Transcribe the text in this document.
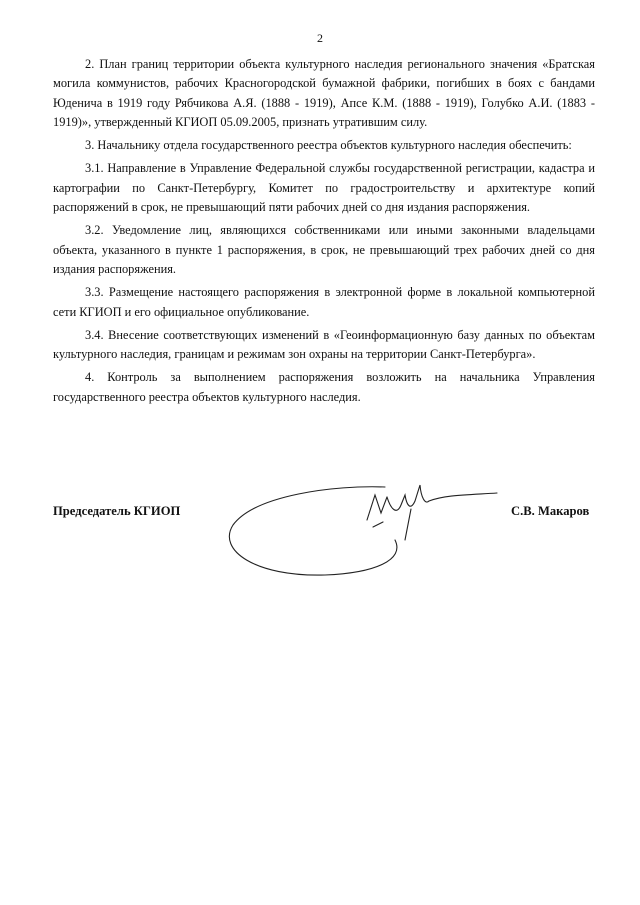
2

2. План границ территории объекта культурного наследия регионального значения «Братская могила коммунистов, рабочих Красногородской бумажной фабрики, погибших в боях с бандами Юденича в 1919 году Рябчикова А.Я. (1888 - 1919), Апсе К.М. (1888 - 1919), Голубко А.И. (1883 - 1919)», утвержденный КГИОП 05.09.2005, признать утратившим силу.

3. Начальнику отдела государственного реестра объектов культурного наследия обеспечить:

3.1. Направление в Управление Федеральной службы государственной регистрации, кадастра и картографии по Санкт-Петербургу, Комитет по градостроительству и архитектуре копий распоряжений в срок, не превышающий пяти рабочих дней со дня издания распоряжения.

3.2. Уведомление лиц, являющихся собственниками или иными законными владельцами объекта, указанного в пункте 1 распоряжения, в срок, не превышающий трех рабочих дней со дня издания распоряжения.

3.3. Размещение настоящего распоряжения в электронной форме в локальной компьютерной сети КГИОП и его официальное опубликование.

3.4. Внесение соответствующих изменений в «Геоинформационную базу данных по объектам культурного наследия, границам и режимам зон охраны на территории Санкт-Петербурга».

4. Контроль за выполнением распоряжения возложить на начальника Управления государственного реестра объектов культурного наследия.

Председатель КГИОП	С.В. Макаров
